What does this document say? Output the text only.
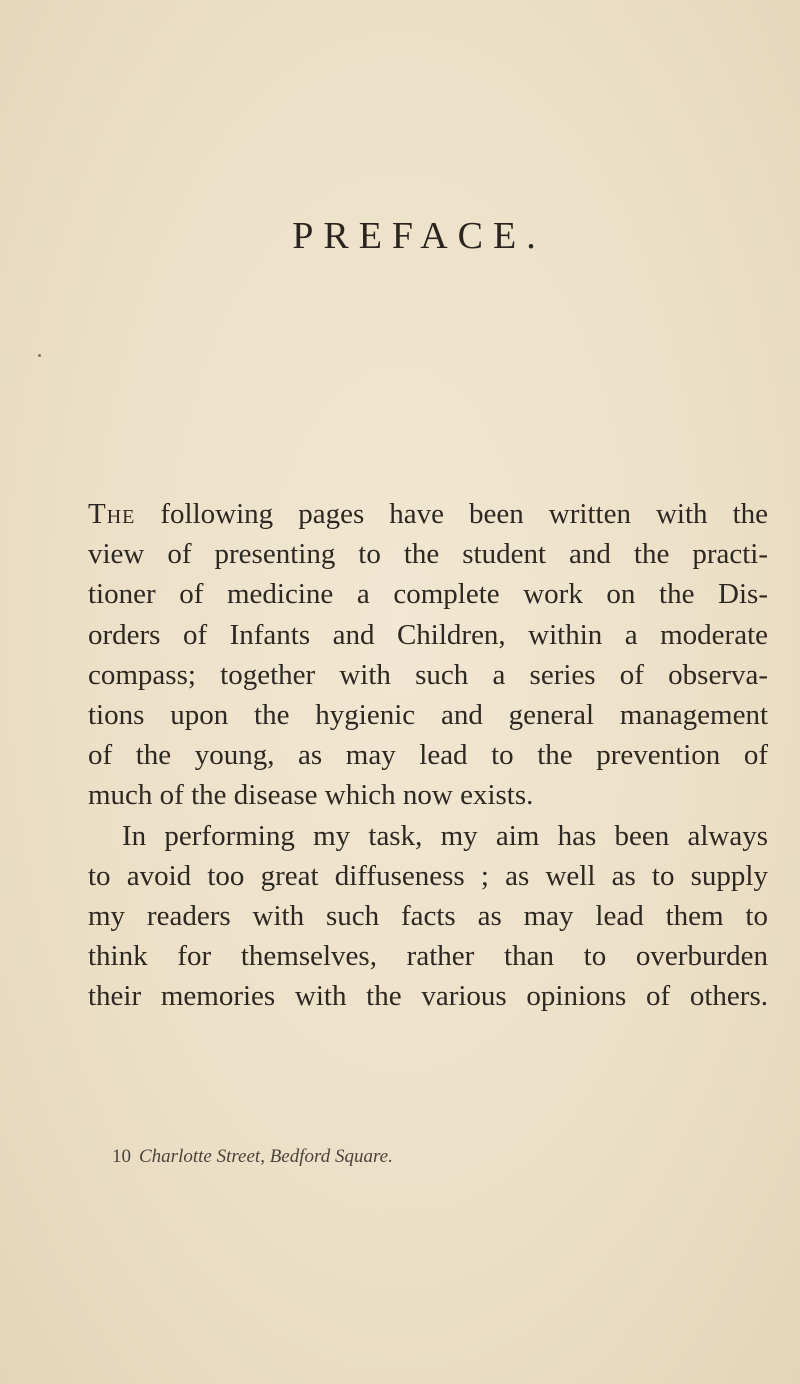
PREFACE.
The following pages have been written with the
view of presenting to the student and the practi-
tioner of medicine a complete work on the Dis-
orders of Infants and Children, within a moderate
compass; together with such a series of observa-
tions upon the hygienic and general management
of the young, as may lead to the prevention of
much of the disease which now exists.
In performing my task, my aim has been always
to avoid too great diffuseness ; as well as to supply
my readers with such facts as may lead them to
think for themselves, rather than to overburden
their memories with the various opinions of others.
10 Charlotte Street, Bedford Square.
